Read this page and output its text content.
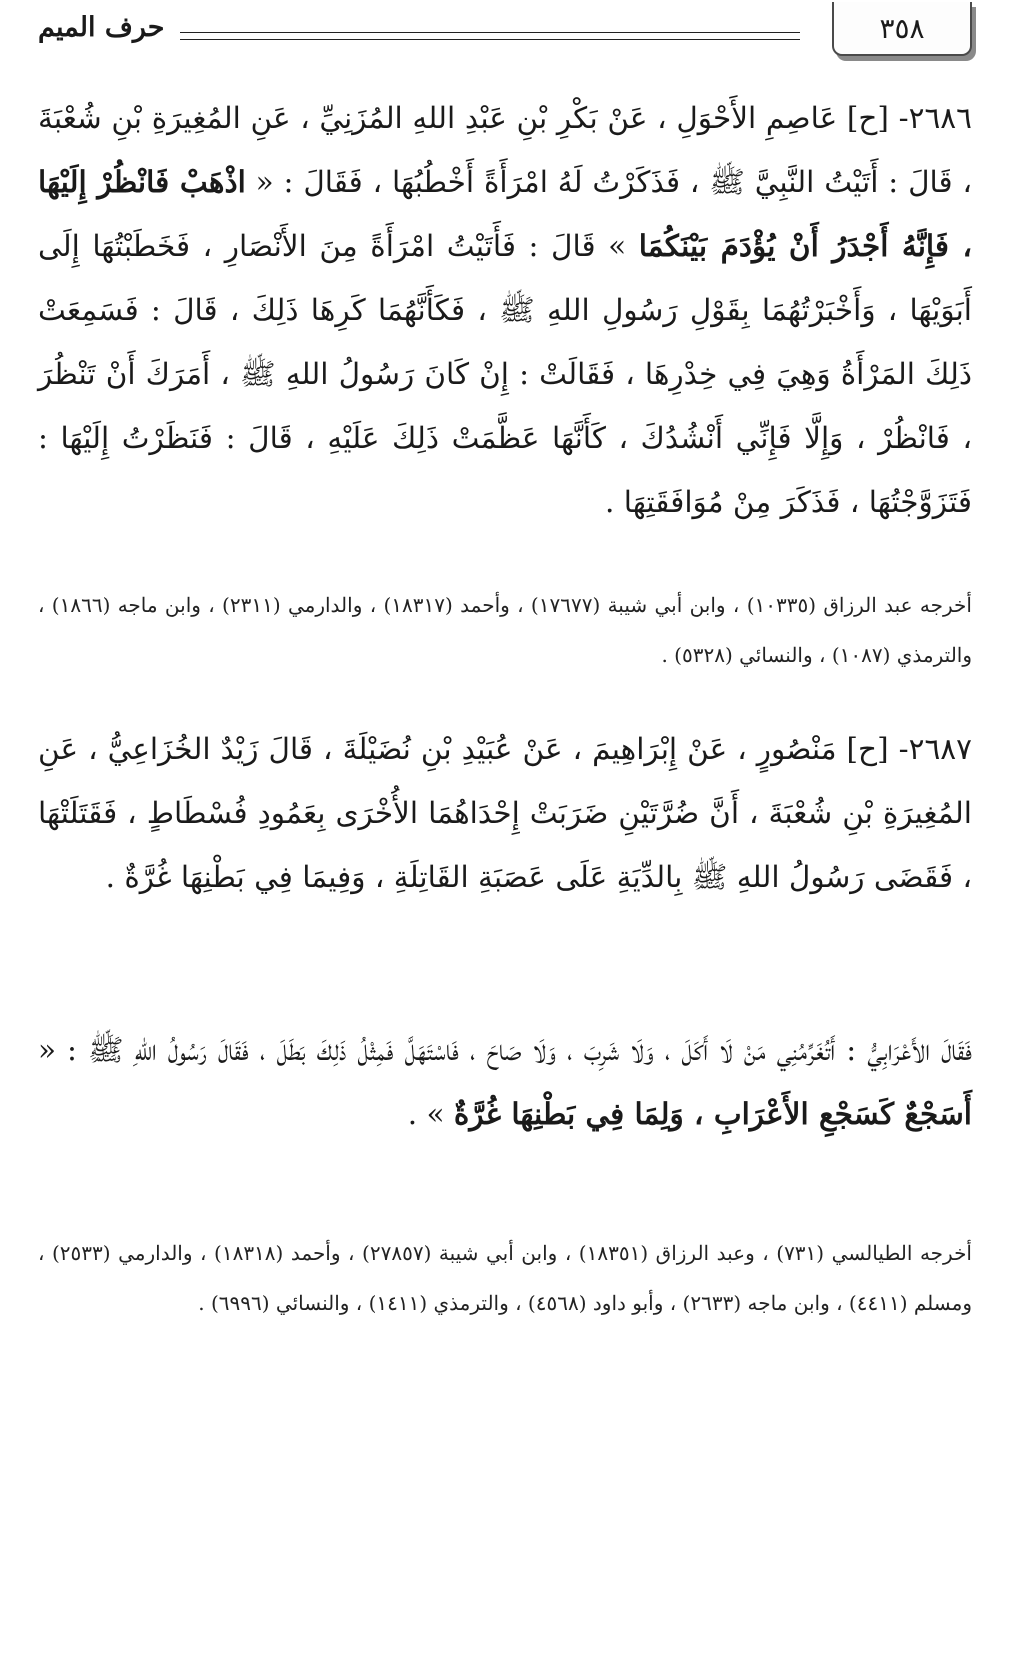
٣٥٨
حرف الميم
٢٦٨٦- [ح] عَاصِمِ الأَحْوَلِ ، عَنْ بَكْرِ بْنِ عَبْدِ اللهِ المُزَنِيِّ ، عَنِ المُغِيرَةِ بْنِ شُعْبَةَ ، قَالَ : أَتَيْتُ النَّبِيَّ ﷺ ، فَذَكَرْتُ لَهُ امْرَأَةً أَخْطُبُهَا ، فَقَالَ : « اذْهَبْ فَانْظُرْ إِلَيْهَا ، فَإِنَّهُ أَجْدَرُ أَنْ يُؤْدَمَ بَيْنَكُمَا » قَالَ : فَأَتَيْتُ امْرَأَةً مِنَ الأَنْصَارِ ، فَخَطَبْتُهَا إِلَى أَبَوَيْهَا ، وَأَخْبَرْتُهُمَا بِقَوْلِ رَسُولِ اللهِ ﷺ ، فَكَأَنَّهُمَا كَرِهَا ذَلِكَ ، قَالَ : فَسَمِعَتْ ذَلِكَ المَرْأَةُ وَهِيَ فِي خِدْرِهَا ، فَقَالَتْ : إِنْ كَانَ رَسُولُ اللهِ ﷺ ، أَمَرَكَ أَنْ تَنْظُرَ ، فَانْظُرْ ، وَإِلَّا فَإِنِّي أَنْشُدُكَ ، كَأَنَّهَا عَظَّمَتْ ذَلِكَ عَلَيْهِ ، قَالَ : فَنَظَرْتُ إِلَيْهَا : فَتَزَوَّجْتُهَا ، فَذَكَرَ مِنْ مُوَافَقَتِهَا .
أخرجه عبد الرزاق (١٠٣٣٥) ، وابن أبي شيبة (١٧٦٧٧) ، وأحمد (١٨٣١٧) ، والدارمي (٢٣١١) ، وابن ماجه (١٨٦٦) ، والترمذي (١٠٨٧) ، والنسائي (٥٣٢٨) .
٢٦٨٧- [ح] مَنْصُورٍ ، عَنْ إِبْرَاهِيمَ ، عَنْ عُبَيْدِ بْنِ نُضَيْلَةَ ، قَالَ زَيْدٌ الخُزَاعِيُّ ، عَنِ المُغِيرَةِ بْنِ شُعْبَةَ ، أَنَّ ضُرَّتَيْنِ ضَرَبَتْ إِحْدَاهُمَا الأُخْرَى بِعَمُودِ فُسْطَاطٍ ، فَقَتَلَتْهَا ، فَقَضَى رَسُولُ اللهِ ﷺ بِالدِّيَةِ عَلَى عَصَبَةِ القَاتِلَةِ ، وَفِيمَا فِي بَطْنِهَا غُرَّةٌ .
فَقَالَ الأَعْرَابِيُّ : أَتُغَرِّمُنِي مَنْ لَا أَكَلَ ، وَلَا شَرِبَ ، وَلَا صَاحَ ، فَاسْتَهَلَّ فَمِثْلُ ذَلِكَ بَطَلَ ، فَقَالَ رَسُولُ اللهِ ﷺ : « أَسَجْعٌ كَسَجْعِ الأَعْرَابِ ، وَلِمَا فِي بَطْنِهَا غُرَّةٌ » .
أخرجه الطيالسي (٧٣١) ، وعبد الرزاق (١٨٣٥١) ، وابن أبي شيبة (٢٧٨٥٧) ، وأحمد (١٨٣١٨) ، والدارمي (٢٥٣٣) ، ومسلم (٤٤١١) ، وابن ماجه (٢٦٣٣) ، وأبو داود (٤٥٦٨) ، والترمذي (١٤١١) ، والنسائي (٦٩٩٦) .
